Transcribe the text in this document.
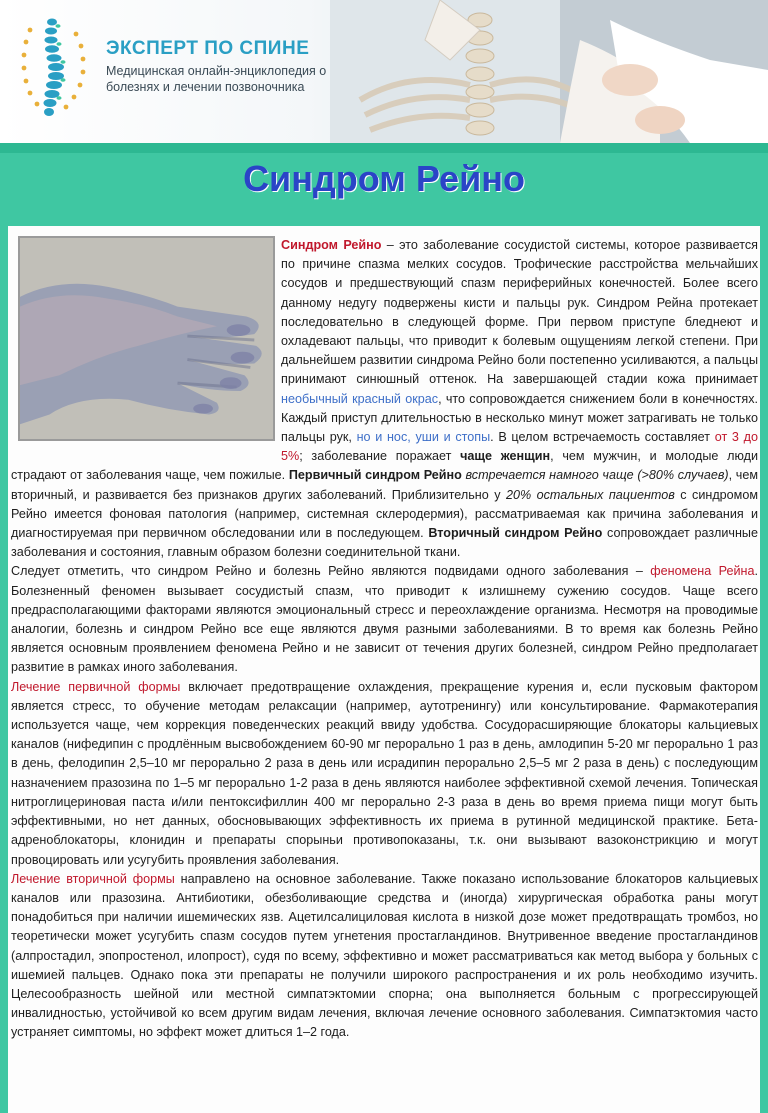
ЭКСПЕРТ ПО СПИНЕ
Медицинская онлайн-энциклопедия о болезнях и лечении позвоночника
Синдром Рейно

Синдром Рейно – это заболевание сосудистой системы, которое развивается по причине спазма мелких сосудов. Трофические расстройства мельчайших сосудов и предшествующий спазм периферийных конечностей. Более всего данному недугу подвержены кисти и пальцы рук. Синдром Рейна протекает последовательно в следующей форме. При первом приступе бледнеют и охладевают пальцы, что приводит к болевым ощущениям легкой степени. При дальнейшем развитии синдрома Рейно боли постепенно усиливаются, а пальцы принимают синюшный оттенок. На завершающей стадии кожа принимает необычный красный окрас, что сопровождается снижением боли в конечностях. Каждый приступ длительностью в несколько минут может затрагивать не только пальцы рук, но и нос, уши и стопы. В целом встречаемость составляет от 3 до 5%; заболевание поражает чаще женщин, чем мужчин, и молодые люди страдают от заболевания чаще, чем пожилые. Первичный синдром Рейно встречается намного чаще (>80% случаев), чем вторичный, и развивается без признаков других заболеваний. Приблизительно у 20% остальных пациентов с синдромом Рейно имеется фоновая патология (например, системная склеродермия), рассматриваемая как причина заболевания и диагностируемая при первичном обследовании или в последующем. Вторичный синдром Рейно сопровождает различные заболевания и состояния, главным образом болезни соединительной ткани.

Следует отметить, что синдром Рейно и болезнь Рейно являются подвидами одного заболевания – феномена Рейна. Болезненный феномен вызывает сосудистый спазм, что приводит к излишнему сужению сосудов. Чаще всего предрасполагающими факторами являются эмоциональный стресс и переохлаждение организма. Несмотря на проводимые аналогии, болезнь и синдром Рейно все еще являются двумя разными заболеваниями. В то время как болезнь Рейно является основным проявлением феномена Рейно и не зависит от течения других болезней, синдром Рейно предполагает развитие в рамках иного заболевания.

Лечение первичной формы включает предотвращение охлаждения, прекращение курения и, если пусковым фактором является стресс, то обучение методам релаксации (например, аутотренингу) или консультирование. Фармакотерапия используется чаще, чем коррекция поведенческих реакций ввиду удобства. Сосудорасширяющие блокаторы кальциевых каналов (нифедипин с продлённым высвобождением 60-90 мг перорально 1 раз в день, амлодипин 5-20 мг перорально 1 раз в день, фелодипин 2,5–10 мг перорально 2 раза в день или исрадипин перорально 2,5–5 мг 2 раза в день) с последующим назначением празозина по 1–5 мг перорально 1-2 раза в день являются наиболее эффективной схемой лечения. Топическая нитроглицериновая паста и/или пентоксифиллин 400 мг перорально 2-3 раза в день во время приема пищи могут быть эффективными, но нет данных, обосновывающих эффективность их приема в рутинной медицинской практике. Бета-адреноблокаторы, клонидин и препараты спорыньи противопоказаны, т.к. они вызывают вазоконстрикцию и могут провоцировать или усугубить проявления заболевания.

Лечение вторичной формы направлено на основное заболевание. Также показано использование блокаторов кальциевых каналов или празозина. Антибиотики, обезболивающие средства и (иногда) хирургическая обработка раны могут понадобиться при наличии ишемических язв. Ацетилсалициловая кислота в низкой дозе может предотвращать тромбоз, но теоретически может усугубить спазм сосудов путем угнетения простагландинов. Внутривенное введение простагландинов (алпростадил, эпопростенол, илопрост), судя по всему, эффективно и может рассматриваться как метод выбора у больных с ишемией пальцев. Однако пока эти препараты не получили широкого распространения и их роль необходимо изучить. Целесообразность шейной или местной симпатэктомии спорна; она выполняется больным с прогрессирующей инвалидностью, устойчивой ко всем другим видам лечения, включая лечение основного заболевания. Симпатэктомия часто устраняет симптомы, но эффект может длиться 1–2 года.
